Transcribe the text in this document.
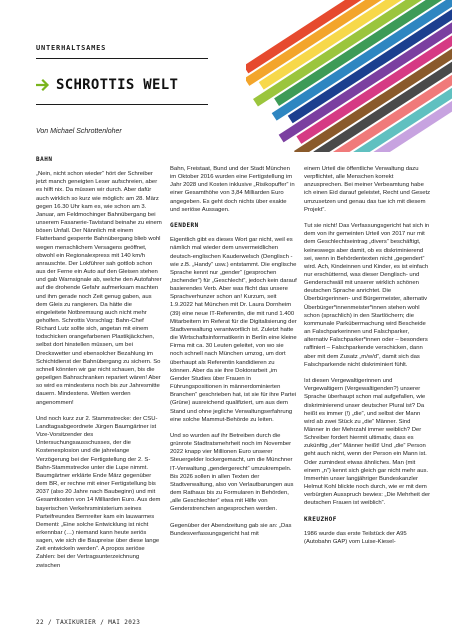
UNTERHALTSAMES
SCHROTTIS WELT
Von Michael Schrottenloher
BAHN

„Nein, nicht schon wieder“ hört der Schreiber jetzt manch geneigten Leser aufschreien, aber es hilft nix. Da müssen wir durch. Aber dafür auch wirklich so kurz wie möglich: am 28. März gegen 16.30 Uhr kam es, wie schon am 3. Januar, am Feldmochinger Bahnübergang bei unserem Fasanerie-Tavistand beinahe zu einem bösen Unfall. Der Nännlich mit einem Flatterband gesperrte Bahnübergang blieb wohl wegen menschlichem Versagens geöffnet, obwohl ein Regionalexpress mit 140 km/h anrauschte. Der Lokführer sah gottlob schon aus der Ferne ein Auto auf den Gleisen stehen und gab Warnsignale ab, welche den Autofahrer auf die drohende Gefahr aufmerksam machten und ihm gerade noch Zeit genug gaben, aus dem Gleis zu rangieren. Da hätte die eingeleitete Notbremsung auch nicht mehr geholfen. Schrottis Vorschlag: Bahn-Chef Richard Lutz sollte sich, angetan mit einem todschicken orangefarbenen Plastikjäckchen, selbst dort hinstellen müssen, um bei Dreckswetter und ebensolcher Bezahlung im Schichtdienst der Bahnübergang zu sichern. So schnell könnten wir gar nicht schauen, bis die gepeilgen Bahnschranken repariert wären! Aber so wird es mindestens noch bis zur Jahresmitte dauern. Mindestens. Wetten werden angenommen!

Und noch kurz zur 2. Stammstrecke: der CSU-Landtagsabgeordnete Jürgen Baumgärtner ist Vize-Vorsitzender des Untersuchungsausschusses, der die Kostenexplosion und die jahrelange Verzögerung bei der Fertigstellung der 2. S-Bahn-Stammstrecke unter die Lupe nimmt. Baumgärtner erklärte Ende März gegenüber dem BR, er rechne mit einer Fertigstellung bis 2037 (also 20 Jahre nach Baubeginn) und mit Gesamtkosten von 14 Milliarden Euro. Aus dem bayerischen Verkehrsministerium seines Parteifreundes Bernreiter kam ein lauwarmes Dementi: „Eine solche Entwicklung ist nicht erkennbar (…) niemand kann heute seriös sagen, wie sich die Baupreise über diese lange Zeit entwickeln werden“. A propos seriöse Zahlen: bei der Vertragsunterzeichnung zwischen

Bahn, Freistaat, Bund und der Stadt München im Oktober 2016 wurden eine Fertigstellung im Jahr 2028 und Kosten inklusive „Risikopuffer“ in einer Gesamthöhe von 3,84 Milliarden Euro angegeben. Es geht doch nichts über exakte und seriöse Aussagen.

GENDERN

Eigentlich gibt es dieses Wort gar nicht, weil es nämlich mal wieder dem unvermeidlichen deutsch-englischen Kauderwelsch (Denglisch - wie z.B. „Handy“ usw.) entstammt. Die englische Sprache kennt nur „gender“ (gesprochen „tschender“) für „Geschlecht“, jedoch kein darauf basierendes Verb. Aber was flicht das unsere Sprachverhunzer schon an! Kurzum, seit 1.9.2022 hat München mit Dr. Laura Dornheim (39) eine neue IT-Referentin, die mit rund 1.400 Mitarbeitern im Referat für die Digitalisierung der Stadtverwaltung verantwortlich ist. Zuletzt hatte die Wirtschaftsinformatikerin in Berlin eine kleine Firma mit ca. 30 Leuten geleitet, von wo sie noch schnell nach München umzog, um dort überhaupt als Referentin kandidieren zu können. Aber da sie ihre Doktorarbeit „im Gender Studies über Frauen in Führungspositionen in männerdominierten Branchen“ geschrieben hat, ist sie für ihre Partei (Grüne) ausreichend qualifiziert, um aus dem Stand und ohne jegliche Verwaltungserfahrung eine solche Mammut-Behörde zu leiten.

Und so wurden auf ihr Betreiben durch die grünrote Stadtratsmehrheit noch im November 2022 knapp vier Millionen Euro unserer Steuergelder lockergemacht, um die Münchner IT-Verwaltung „gendergerecht“ umzukrempeln. Bis 2026 sollen in allen Texten der Stadtverwaltung, also von Verlautbarungen aus dem Rathaus bis zu Formularen in Behörden, „alle Geschlechter“ etwa mit Hilfe von Genderstrenchen angesprochen werden.

Gegenüber der Abendzeitung gab sie an: „Das Bundesverfassungsgericht hat mit

einem Urteil die öffentliche Verwaltung dazu verpflichtet, alle Menschen korrekt anzusprechen. Bei meiner Verbeamtung habe ich einen Eid darauf geleistet, Recht und Gesetz umzusetzen und genau das tue ich mit diesem Projekt“.

Tut sie nicht! Das Verfassungsgericht hat sich in dem von ihr gemeinten Urteil von 2017 nur mit dem Geschlechtseintrag „divers“ beschäftigt, keineswegs aber damit, ob es diskriminierend sei, wenn in Behördentexten nicht „gegendert“ wird. Ach, Kindeinnen und Kinder, es ist einfach nur erschütternd, was dieser Denglisch- und Genderschwäll mit unserer wirklich schönen deutschen Sprache anrichtet. Die Überbürgerinnen- und Bürgermeister, alternativ Überbürger*innenmeister*innen stehen wohl schon (sprachlich) in den Startlöchern; die kommunale Parkübermachung wird Bescheide an Falschparkerinnen und Falschparker, alternativ Falschparker*innen oder – besonders raffiniert – Falschparkende verschicken, dann aber mit dem Zusatz „m/w/d“, damit sich das Falschparkende nicht diskriminiert fühlt.

Ist diesen Vergewaltigerinnen und Vergewaltigern (Vergewaltigenden?) unserer Sprache überhaupt schon mal aufgefallen, wie diskriminierend unser deutscher Plural ist? Da heißt es immer (!) „die“, und selbst der Mann wird ab zwei Stück zu „die“ Männer. Sind Männer in der Mehrzahl immer weiblich? Der Schreiber fordert hiermit ultimativ, dass es zukünftig „der“ Männer heißt! Und „die“ Person geht auch nicht, wenn der Person ein Mann ist. Oder zumindest etwas ähnliches. Man (mit einem „n“) kennt sich gleich gar nicht mehr aus. Immerhin unser langjähriger Bundeskanzler Helmut Kohl blickte noch durch, wie er mit dem verbürgten Ausspruch bewies: „Die Mehrheit der deutschen Frauen ist weiblich“.

KREUZHOF

1986 wurde das erste Teilstück der A95 (Autobahn GAP) vom Luise-Kiesel-

22 / TAXIKURIER / MAI 2023
